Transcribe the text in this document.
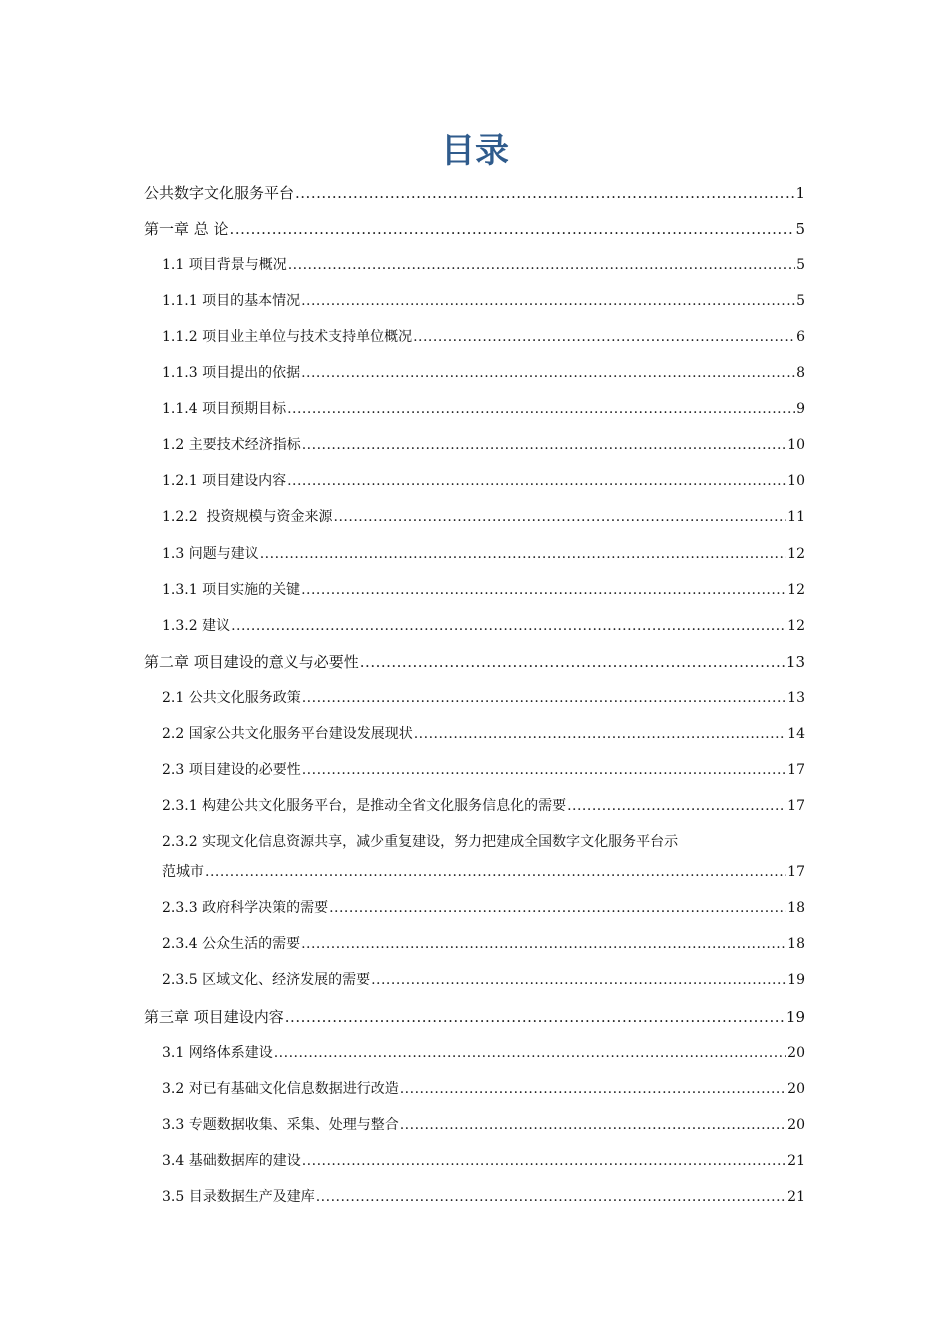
目录
公共数字文化服务平台 .....	1
第一章 总 论 .....	5
1.1 项目背景与概况 .....	5
1.1.1 项目的基本情况 .....	5
1.1.2 项目业主单位与技术支持单位概况 .....	6
1.1.3 项目提出的依据 .....	8
1.1.4 项目预期目标 .....	9
1.2 主要技术经济指标 .....	10
1.2.1 项目建设内容 .....	10
1.2.2  投资规模与资金来源 .....	11
1.3 问题与建议 .....	12
1.3.1 项目实施的关键 .....	12
1.3.2 建议 .....	12
第二章 项目建设的意义与必要性 .....	13
2.1 公共文化服务政策 .....	13
2.2 国家公共文化服务平台建设发展现状 .....	14
2.3 项目建设的必要性 .....	17
2.3.1 构建公共文化服务平台，是推动全省文化服务信息化的需要 .....	17
2.3.2 实现文化信息资源共享，减少重复建设，努力把建成全国数字文化服务平台示
范城市 .....	17
2.3.3 政府科学决策的需要 .....	18
2.3.4 公众生活的需要 .....	18
2.3.5 区域文化、经济发展的需要 .....	19
第三章 项目建设内容 .....	19
3.1 网络体系建设 .....	20
3.2 对已有基础文化信息数据进行改造 .....	20
3.3 专题数据收集、采集、处理与整合 .....	20
3.4 基础数据库的建设 .....	21
3.5 目录数据生产及建库 .....	21
